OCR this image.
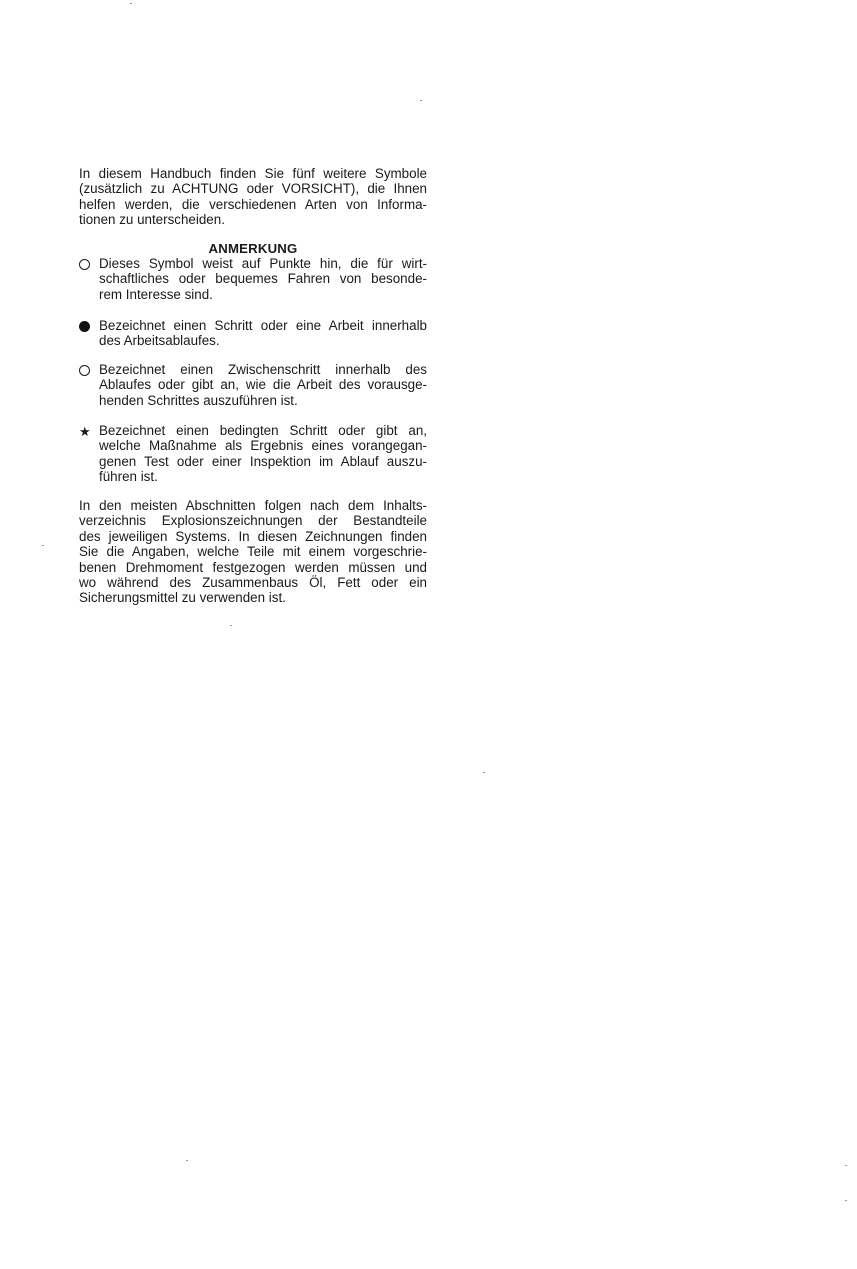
In diesem Handbuch finden Sie fünf weitere Symbole
(zusätzlich zu ACHTUNG oder VORSICHT), die Ihnen
helfen werden, die verschiedenen Arten von Informa-
tionen zu unterscheiden.
ANMERKUNG
Dieses Symbol weist auf Punkte hin, die für wirt-
schaftliches oder bequemes Fahren von besonde-
rem Interesse sind.
Bezeichnet einen Schritt oder eine Arbeit innerhalb
des Arbeitsablaufes.
Bezeichnet einen Zwischenschritt innerhalb des
Ablaufes oder gibt an, wie die Arbeit des vorausge-
henden Schrittes auszuführen ist.
★ Bezeichnet einen bedingten Schritt oder gibt an,
welche Maßnahme als Ergebnis eines vorangegan-
genen Test oder einer Inspektion im Ablauf auszu-
führen ist.
In den meisten Abschnitten folgen nach dem Inhalts-
verzeichnis Explosionszeichnungen der Bestandteile
des jeweiligen Systems. In diesen Zeichnungen finden
Sie die Angaben, welche Teile mit einem vorgeschrie-
benen Drehmoment festgezogen werden müssen und
wo während des Zusammenbaus Öl, Fett oder ein
Sicherungsmittel zu verwenden ist.
